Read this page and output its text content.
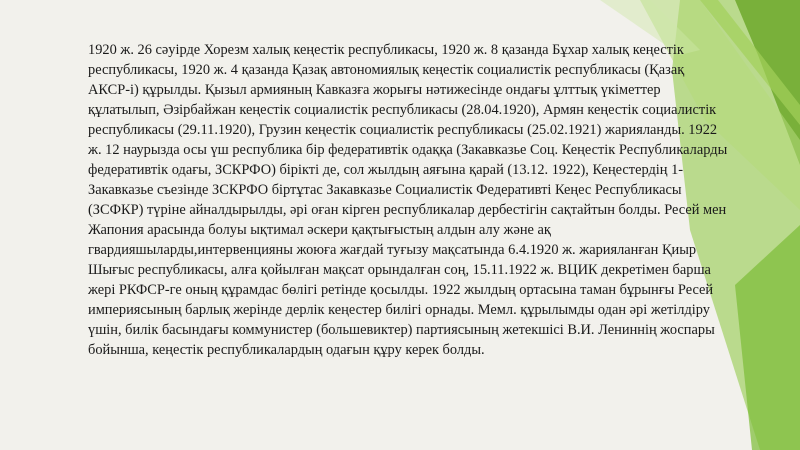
1920 ж. 26 сәуірде Хорезм халық кеңестік республикасы, 1920 ж. 8 қазанда Бұхар халық кеңестік республикасы, 1920 ж. 4 қазанда Қазақ автономиялық кеңестік социалистік республикасы (Қазақ АКСР-і) құрылды. Қызыл армияның Кавказға жорығы нәтижесінде ондағы ұлттық үкіметтер құлатылып, Әзірбайжан кеңестік социалистік республикасы (28.04.1920), Армян кеңестік социалистік республикасы (29.11.1920), Грузин кеңестік социалистік республикасы (25.02.1921) жарияланды. 1922 ж. 12 наурызда осы үш республика бір федеративтік одаққа (Закавказье Соц. Кеңестік Республикаларды федеративтік одағы, ЗСКРФО) бірікті де, сол жылдың аяғына қарай (13.12. 1922), Кеңестердің 1-Закавказье съезінде ЗСКРФО біртұтас Закавказье Социалистік Федеративті Кеңес Республикасы (ЗСФКР) түріне айналдырылды, әрі оған кірген республикалар дербестігін сақтайтын болды. Ресей мен Жапония арасында болуы ықтимал әскери қақтығыстың алдын алу және ақ гвардияшыларды,интервенцияны жоюға жағдай туғызу мақсатында 6.4.1920 ж. жарияланған Қиыр Шығыс республикасы, алға қойылған мақсат орындалған соң, 15.11.1922 ж. ВЦИК декретімен барша жері РКФСР-ге оның құрамдас бөлігі ретінде қосылды. 1922 жылдың ортасына таман бұрынғы Ресей империясының барлық жерінде дерлік кеңестер билігі орнады. Мемл. құрылымды одан әрі жетілдіру үшін, билік басындағы коммунистер (большевиктер) партиясының жетекшісі В.И. Лениннің жоспары бойынша, кеңестік республикалардың одағын құру керек болды.
